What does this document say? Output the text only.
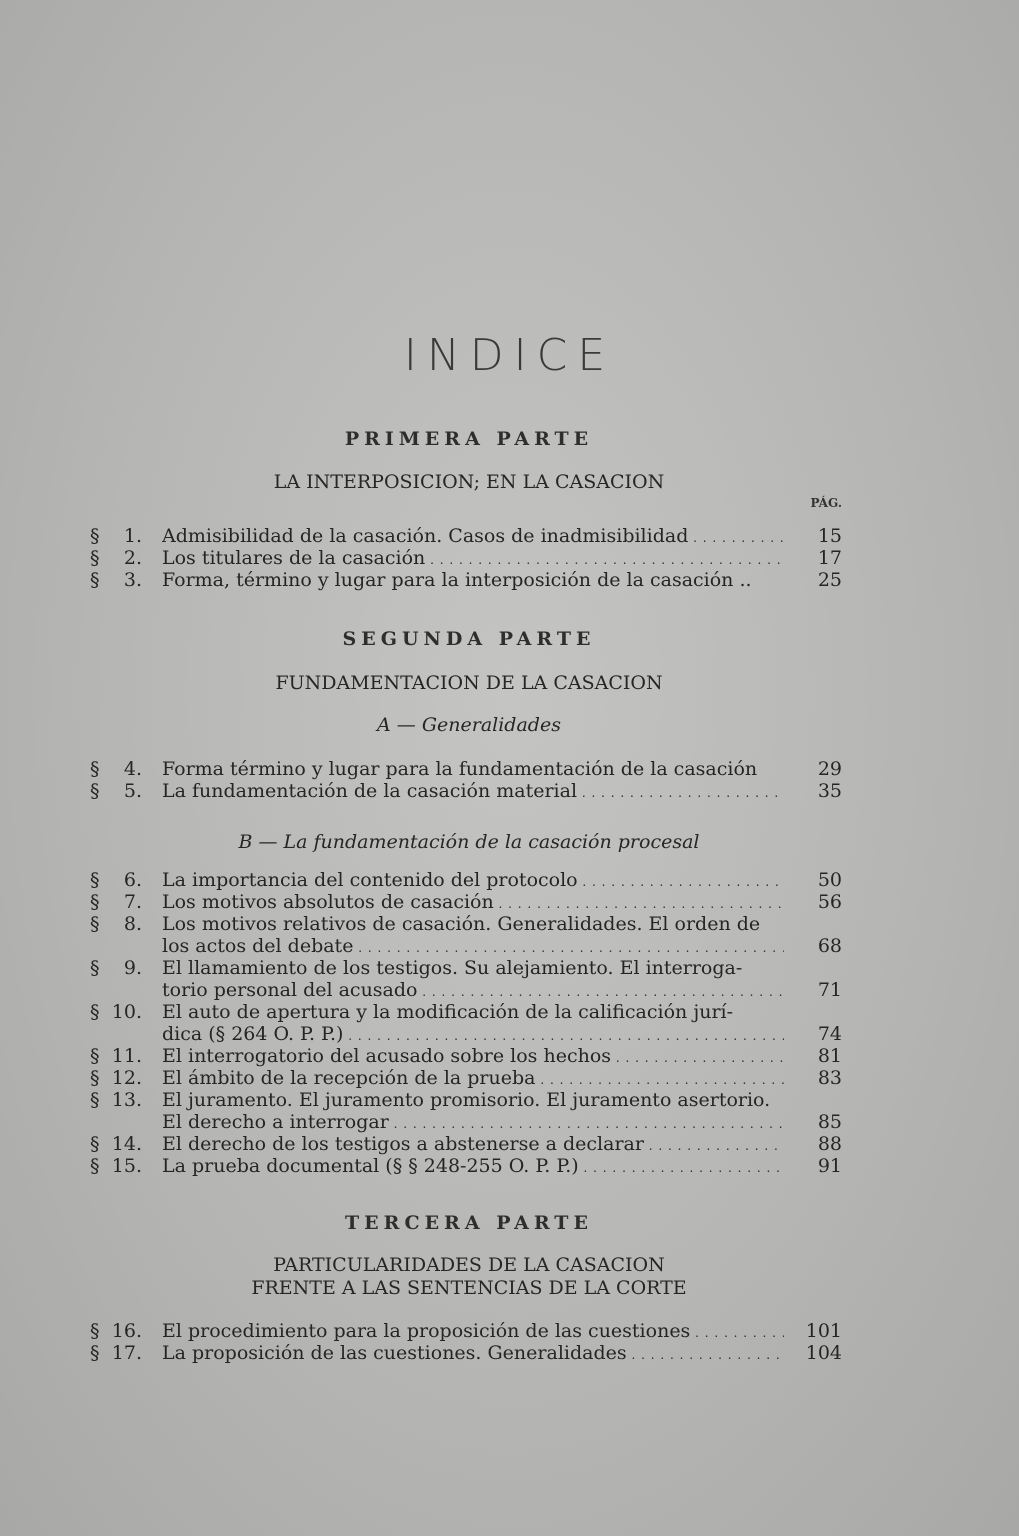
INDICE
PRIMERA PARTE
LA INTERPOSICION; EN LA CASACION
PÁG.
§ 1. Admisibilidad de la casación. Casos de inadmisibilidad . . .	15
§ 2. Los titulares de la casación . . .	17
§ 3. Forma, término y lugar para la interposición de la casación ..	25
SEGUNDA PARTE
FUNDAMENTACION DE LA CASACION
A — Generalidades
§ 4. Forma término y lugar para la fundamentación de la casación	29
§ 5. La fundamentación de la casación material . . .	35
B — La fundamentación de la casación procesal
§ 6. La importancia del contenido del protocolo . . .	50
§ 7. Los motivos absolutos de casación . . .	56
§ 8. Los motivos relativos de casación. Generalidades. El orden de
los actos del debate . . .	68
§ 9. El llamamiento de los testigos. Su alejamiento. El interroga-
torio personal del acusado . . .	71
§ 10. El auto de apertura y la modificación de la calificación jurí-
dica (§ 264 O. P. P.) . . .	74
§ 11. El interrogatorio del acusado sobre los hechos . . .	81
§ 12. El ámbito de la recepción de la prueba . . .	83
§ 13. El juramento. El juramento promisorio. El juramento asertorio.
El derecho a interrogar . . .	85
§ 14. El derecho de los testigos a abstenerse a declarar . . .	88
§ 15. La prueba documental (§ § 248-255 O. P. P.) . . .	91
TERCERA PARTE
PARTICULARIDADES DE LA CASACION
FRENTE A LAS SENTENCIAS DE LA CORTE
§ 16. El procedimiento para la proposición de las cuestiones . . .	101
§ 17. La proposición de las cuestiones. Generalidades . . .	104
